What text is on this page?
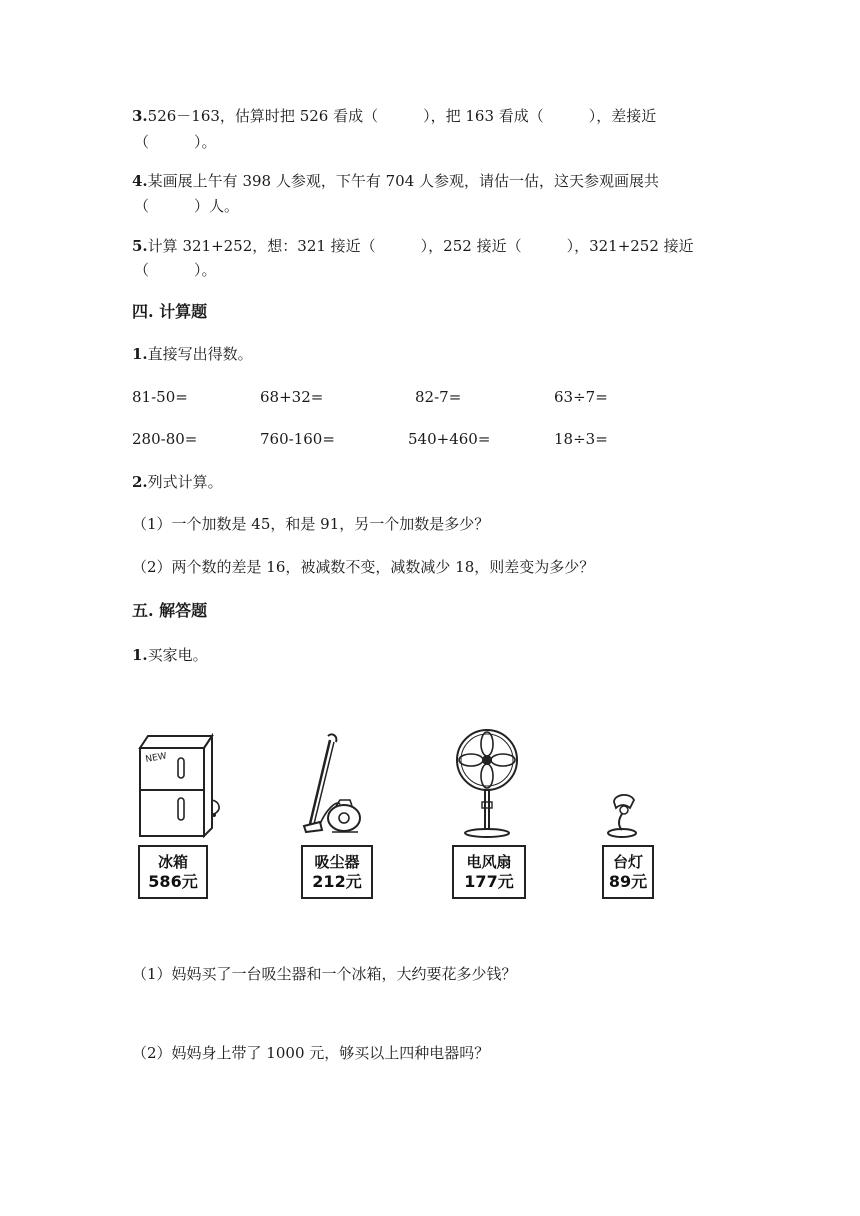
3.526－163，估算时把 526 看成（　　　），把 163 看成（　　　），差接近
（　　　）。
4.某画展上午有 398 人参观，下午有 704 人参观，请估一估，这天参观画展共
（　　　）人。
5.计算 321+252，想：321 接近（　　　），252 接近（　　　），321+252 接近
（　　　）。
四. 计算题
1.直接写出得数。
81-50=	68+32=	82-7=	63÷7=
280-80=	760-160=	540+460=	18÷3=
2.列式计算。
（1）一个加数是 45，和是 91，另一个加数是多少？
（2）两个数的差是 16，被减数不变，减数减少 18，则差变为多少？
五. 解答题
1.买家电。
NEW
冰箱
586元
吸尘器
212元
电风扇
177元
台灯
89元
（1）妈妈买了一台吸尘器和一个冰箱，大约要花多少钱？
（2）妈妈身上带了 1000 元，够买以上四种电器吗？
